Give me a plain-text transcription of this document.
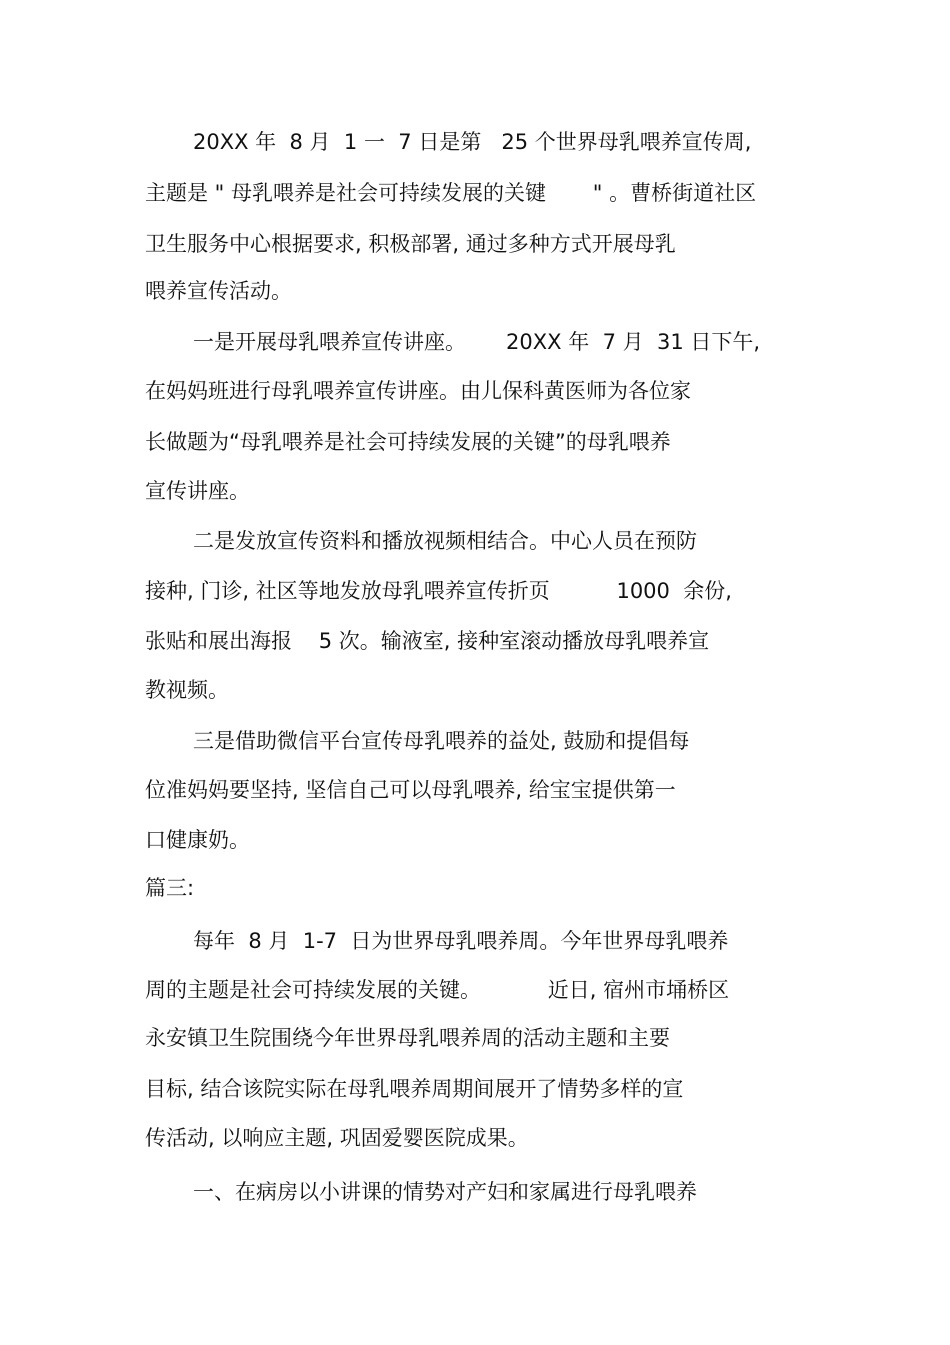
20XX 年  8 月  1 一  7 日是第   25 个世界母乳喂养宣传周,
主题是 " 母乳喂养是社会可持续发展的关键       " 。曹桥街道社区
卫生服务中心根据要求, 积极部署, 通过多种方式开展母乳
喂养宣传活动。
一是开展母乳喂养宣传讲座。      20XX 年  7 月  31 日下午,
在妈妈班进行母乳喂养宣传讲座。由儿保科黄医师为各位家
长做题为“母乳喂养是社会可持续发展的关键”的母乳喂养
宣传讲座。
二是发放宣传资料和播放视频相结合。中心人员在预防
接种, 门诊, 社区等地发放母乳喂养宣传折页          1000  余份,
张贴和展出海报    5 次。输液室, 接种室滚动播放母乳喂养宣
教视频。
三是借助微信平台宣传母乳喂养的益处, 鼓励和提倡每
位准妈妈要坚持, 坚信自己可以母乳喂养, 给宝宝提供第一
口健康奶。
篇三:
每年  8 月  1-7  日为世界母乳喂养周。今年世界母乳喂养
周的主题是社会可持续发展的关键。          近日, 宿州市埇桥区
永安镇卫生院围绕今年世界母乳喂养周的活动主题和主要
目标, 结合该院实际在母乳喂养周期间展开了情势多样的宣
传活动, 以响应主题, 巩固爱婴医院成果。
一、在病房以小讲课的情势对产妇和家属进行母乳喂养
